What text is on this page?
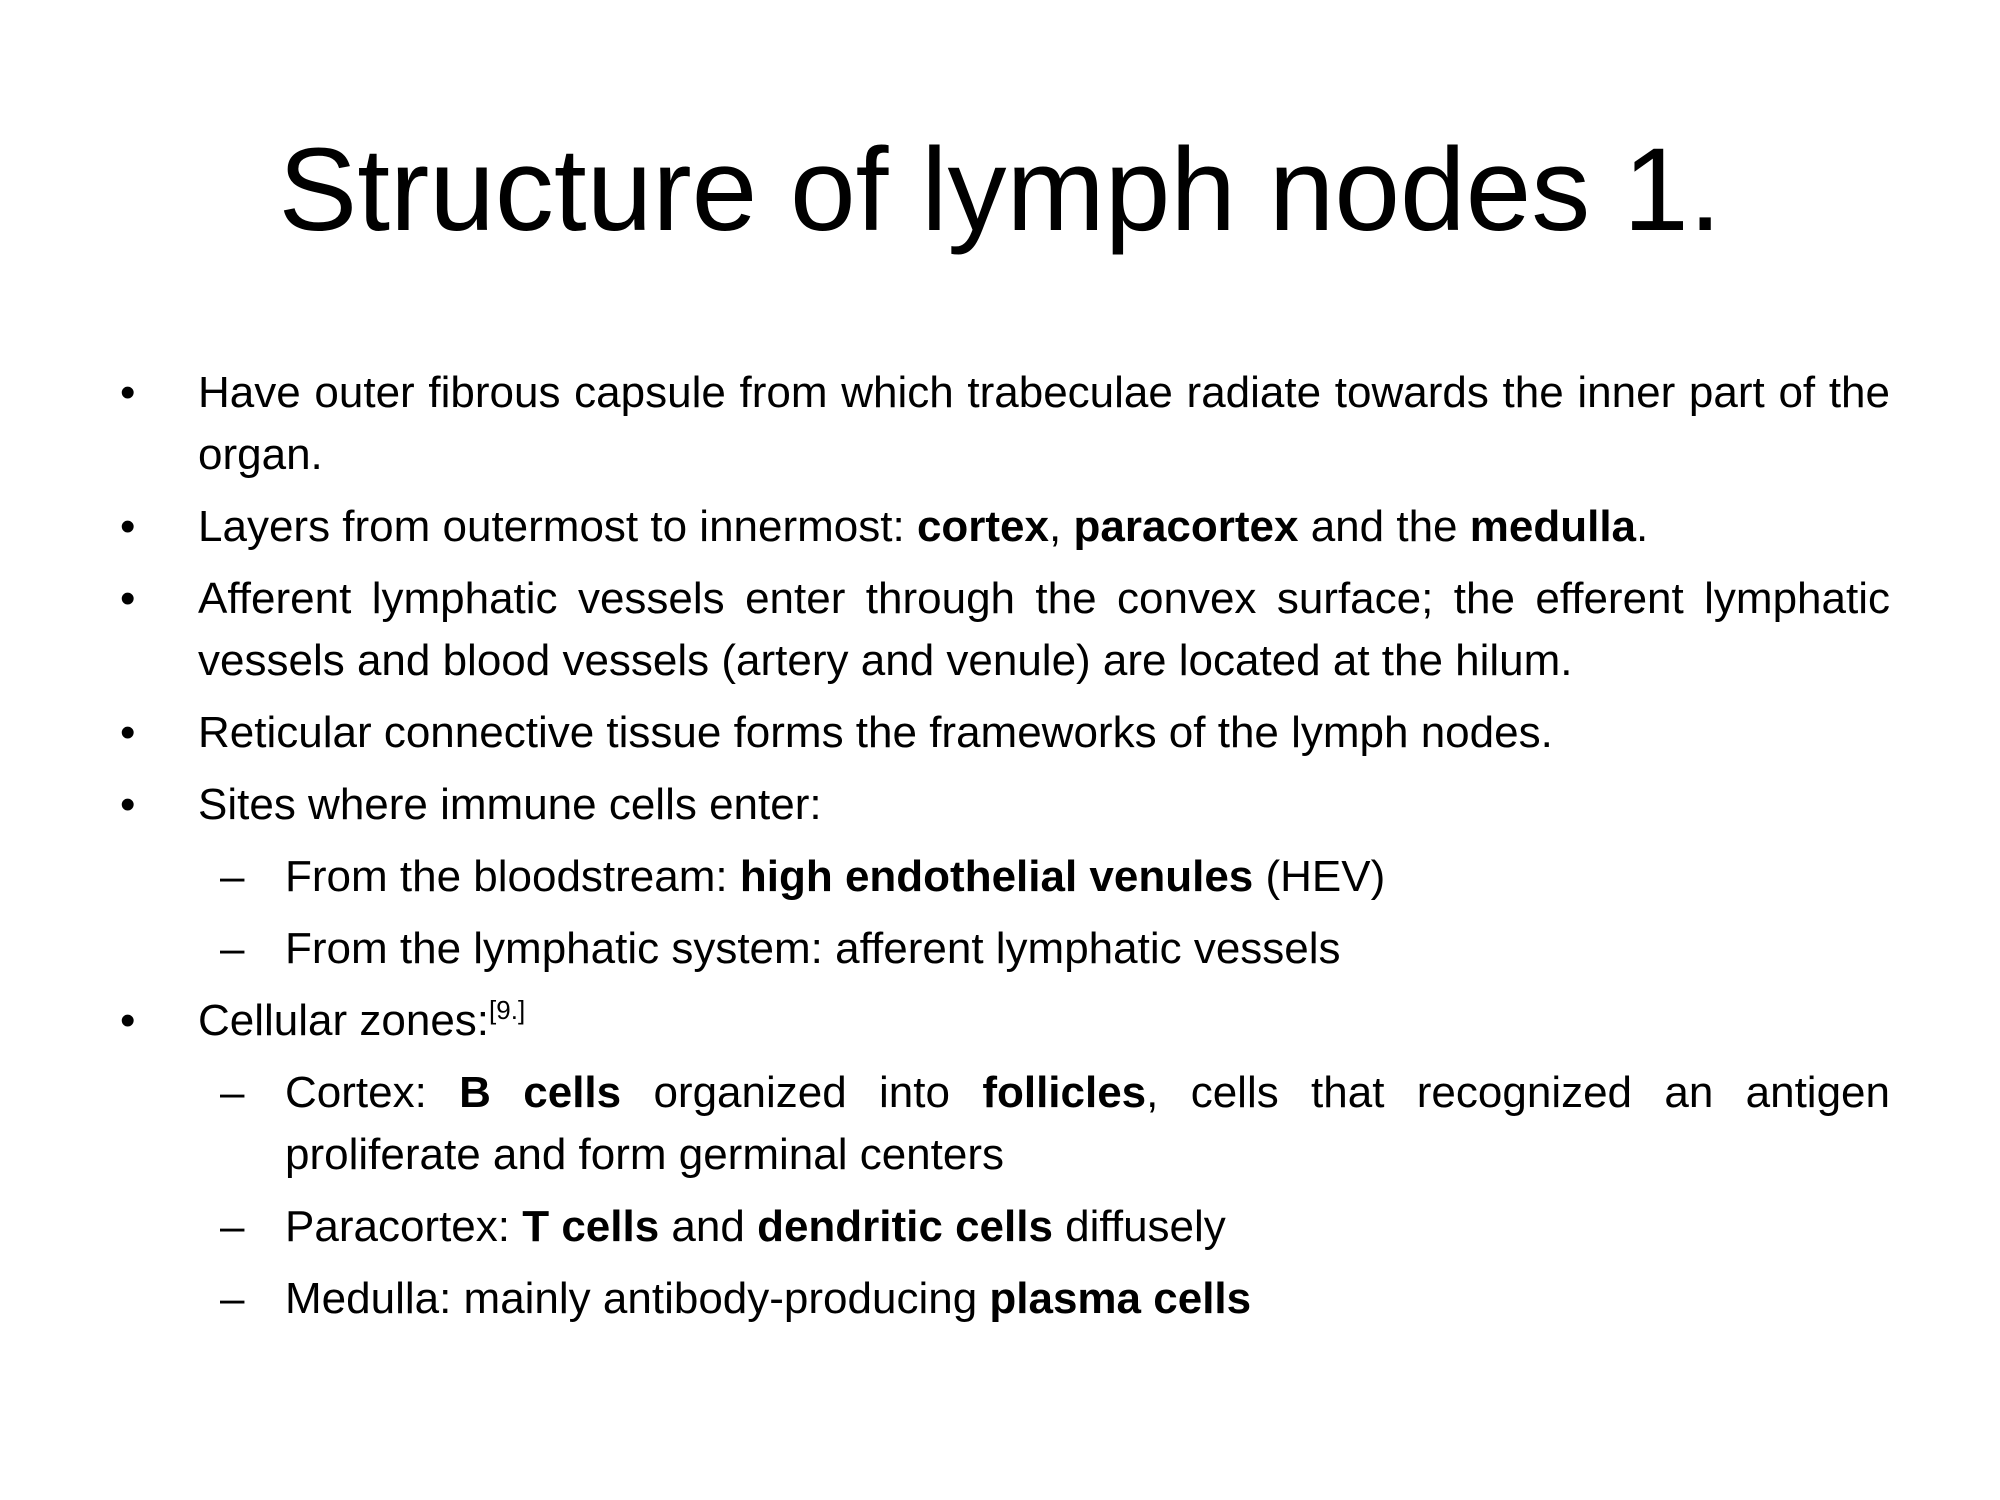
Structure of lymph nodes 1.
• Have outer fibrous capsule from which trabeculae radiate towards the inner part of the organ.
• Layers from outermost to innermost: cortex, paracortex and the medulla.
• Afferent lymphatic vessels enter through the convex surface; the efferent lymphatic vessels and blood vessels (artery and venule) are located at the hilum.
• Reticular connective tissue forms the frameworks of the lymph nodes.
• Sites where immune cells enter:
– From the bloodstream: high endothelial venules (HEV)
– From the lymphatic system: afferent lymphatic vessels
• Cellular zones:[9.]
– Cortex: B cells organized into follicles, cells that recognized an antigen proliferate and form germinal centers
– Paracortex: T cells and dendritic cells diffusely
– Medulla: mainly antibody-producing plasma cells
